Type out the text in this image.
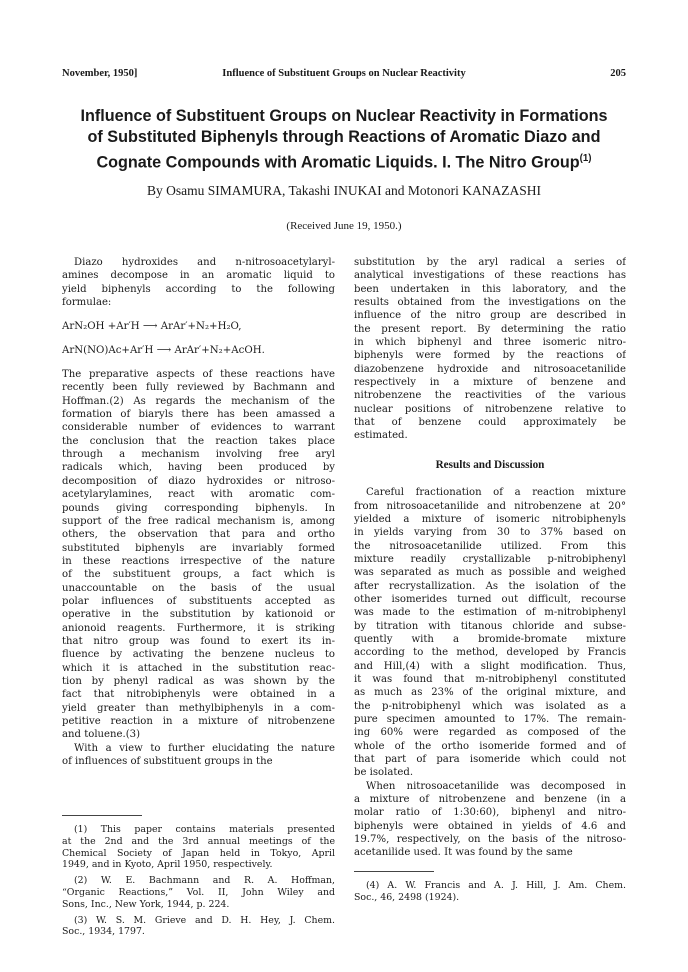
November, 1950]	Influence of Substituent Groups on Nuclear Reactivity	205

Influence of Substituent Groups on Nuclear Reactivity in Formations

of Substituted Biphenyls through Reactions of Aromatic Diazo and

Cognate Compounds with Aromatic Liquids. I. The Nitro Group$^{(1)}$

By Osamu SIMAMURA, Takashi INUKAI and Motonori KANAZASHI
(Received June 19, 1950.)
Diazo hydroxides and n-nitrosoacetylaryl-
amines decompose in an aromatic liquid to
yield biphenyls according to the following
formulae:
ArN₂OH +Ar′H ⟶ ArAr′+N₂+H₂O,
ArN(NO)Ac+Ar′H ⟶ ArAr′+N₂+AcOH.
The preparative aspects of these reactions have
recently been fully reviewed by Bachmann and
Hoffman.(2) As regards the mechanism of the
formation of biaryls there has been amassed a
considerable number of evidences to warrant
the conclusion that the reaction takes place
through a mechanism involving free aryl
radicals which, having been produced by
decomposition of diazo hydroxides or nitroso-
acetylarylamines, react with aromatic com-
pounds giving corresponding biphenyls. In
support of the free radical mechanism is, among
others, the observation that para and ortho
substituted biphenyls are invariably formed
in these reactions irrespective of the nature
of the substituent groups, a fact which is
unaccountable on the basis of the usual
polar influences of substituents accepted as
operative in the substitution by kationoid or
anionoid reagents. Furthermore, it is striking
that nitro group was found to exert its in-
fluence by activating the benzene nucleus to
which it is attached in the substitution reac-
tion by phenyl radical as was shown by the
fact that nitrobiphenyls were obtained in a
yield greater than methylbiphenyls in a com-
petitive reaction in a mixture of nitrobenzene
and toluene.(3)
With a view to further elucidating the nature
of influences of substituent groups in the
(1) This paper contains materials presented
at the 2nd and the 3rd annual meetings of the
Chemical Society of Japan held in Tokyo, April
1949, and in Kyoto, April 1950, respectively.
(2) W. E. Bachmann and R. A. Hoffman,
“Organic Reactions,” Vol. II, John Wiley and
Sons, Inc., New York, 1944, p. 224.
(3) W. S. M. Grieve and D. H. Hey, J. Chem.
Soc., 1934, 1797.
substitution by the aryl radical a series of
analytical investigations of these reactions has
been undertaken in this laboratory, and the
results obtained from the investigations on the
influence of the nitro group are described in
the present report. By determining the ratio
in which biphenyl and three isomeric nitro-
biphenyls were formed by the reactions of
diazobenzene hydroxide and nitrosoacetanilide
respectively in a mixture of benzene and
nitrobenzene the reactivities of the various
nuclear positions of nitrobenzene relative to
that of benzene could approximately be
estimated.
Results and Discussion
Careful fractionation of a reaction mixture
from nitrosoacetanilide and nitrobenzene at 20°
yielded a mixture of isomeric nitrobiphenyls
in yields varying from 30 to 37% based on
the nitrosoacetanilide utilized. From this
mixture readily crystallizable p-nitrobiphenyl
was separated as much as possible and weighed
after recrystallization. As the isolation of the
other isomerides turned out difficult, recourse
was made to the estimation of m-nitrobiphenyl
by titration with titanous chloride and subse-
quently with a bromide-bromate mixture
according to the method, developed by Francis
and Hill,(4) with a slight modification. Thus,
it was found that m-nitrobiphenyl constituted
as much as 23% of the original mixture, and
the p-nitrobiphenyl which was isolated as a
pure specimen amounted to 17%. The remain-
ing 60% were regarded as composed of the
whole of the ortho isomeride formed and of
that part of para isomeride which could not
be isolated.
When nitrosoacetanilide was decomposed in
a mixture of nitrobenzene and benzene (in a
molar ratio of 1:30:60), biphenyl and nitro-
biphenyls were obtained in yields of 4.6 and
19.7%, respectively, on the basis of the nitroso-
acetanilide used. It was found by the same
(4) A. W. Francis and A. J. Hill, J. Am. Chem.
Soc., 46, 2498 (1924).
